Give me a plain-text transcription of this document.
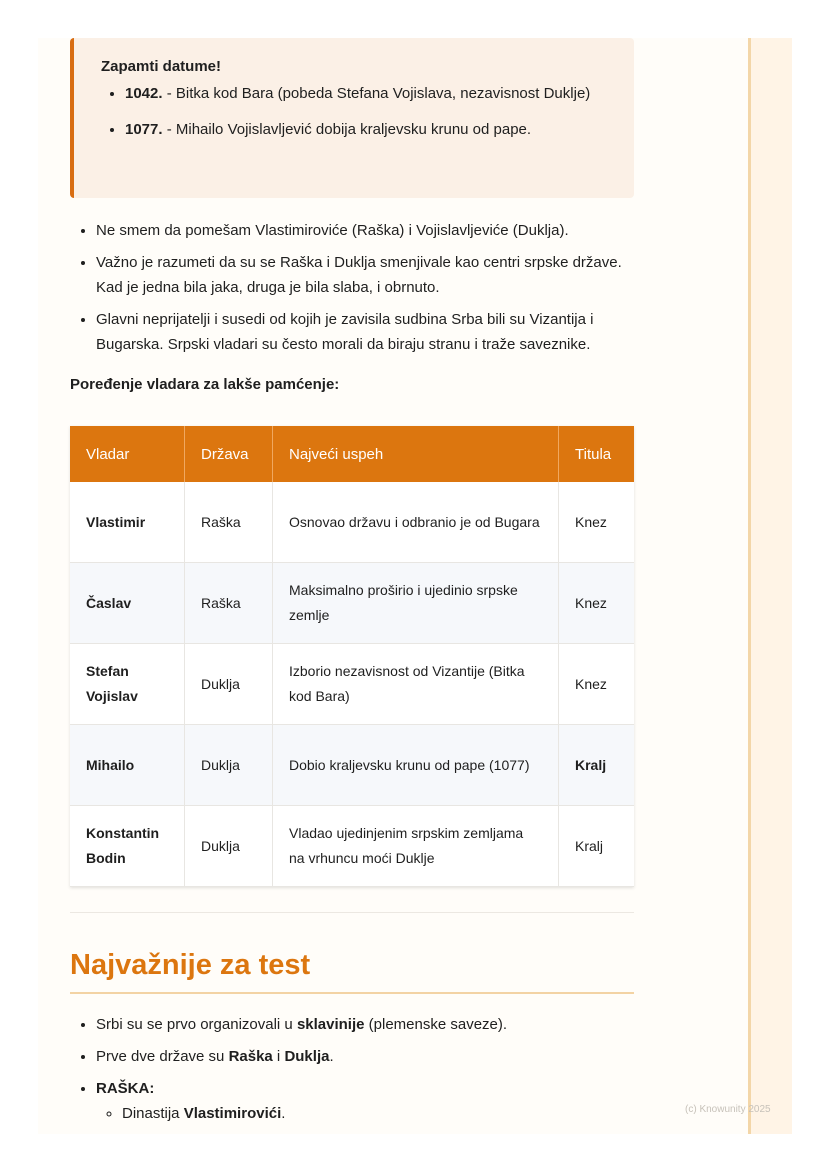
Zapamti datume!
• 1042. - Bitka kod Bara (pobeda Stefana Vojislava, nezavisnost Duklje)
• 1077. - Mihailo Vojislavljević dobija kraljevsku krunu od pape.
• Ne smem da pomešam Vlastimiroviće (Raška) i Vojislavljeviće (Duklja).
• Važno je razumeti da su se Raška i Duklja smenjivale kao centri srpske države. Kad je jedna bila jaka, druga je bila slaba, i obrnuto.
• Glavni neprijatelji i susedi od kojih je zavisila sudbina Srba bili su Vizantija i Bugarska. Srpski vladari su često morali da biraju stranu i traže saveznike.
Poređenje vladara za lakše pamćenje:
Vladar	Država	Najveći uspeh	Titula
Vlastimir	Raška	Osnovao državu i odbranio je od Bugara	Knez
Časlav	Raška	Maksimalno proširio i ujedinio srpske zemlje	Knez
Stefan Vojislav	Duklja	Izborio nezavisnost od Vizantije (Bitka kod Bara)	Knez
Mihailo	Duklja	Dobio kraljevsku krunu od pape (1077)	Kralj
Konstantin Bodin	Duklja	Vladao ujedinjenim srpskim zemljama na vrhuncu moći Duklje	Kralj
Najvažnije za test
• Srbi su se prvo organizovali u sklavinije (plemenske saveze).
• Prve dve države su Raška i Duklja.
• RAŠKA:
◦ Dinastija Vlastimirovići.	(c) Knowunity 2025
